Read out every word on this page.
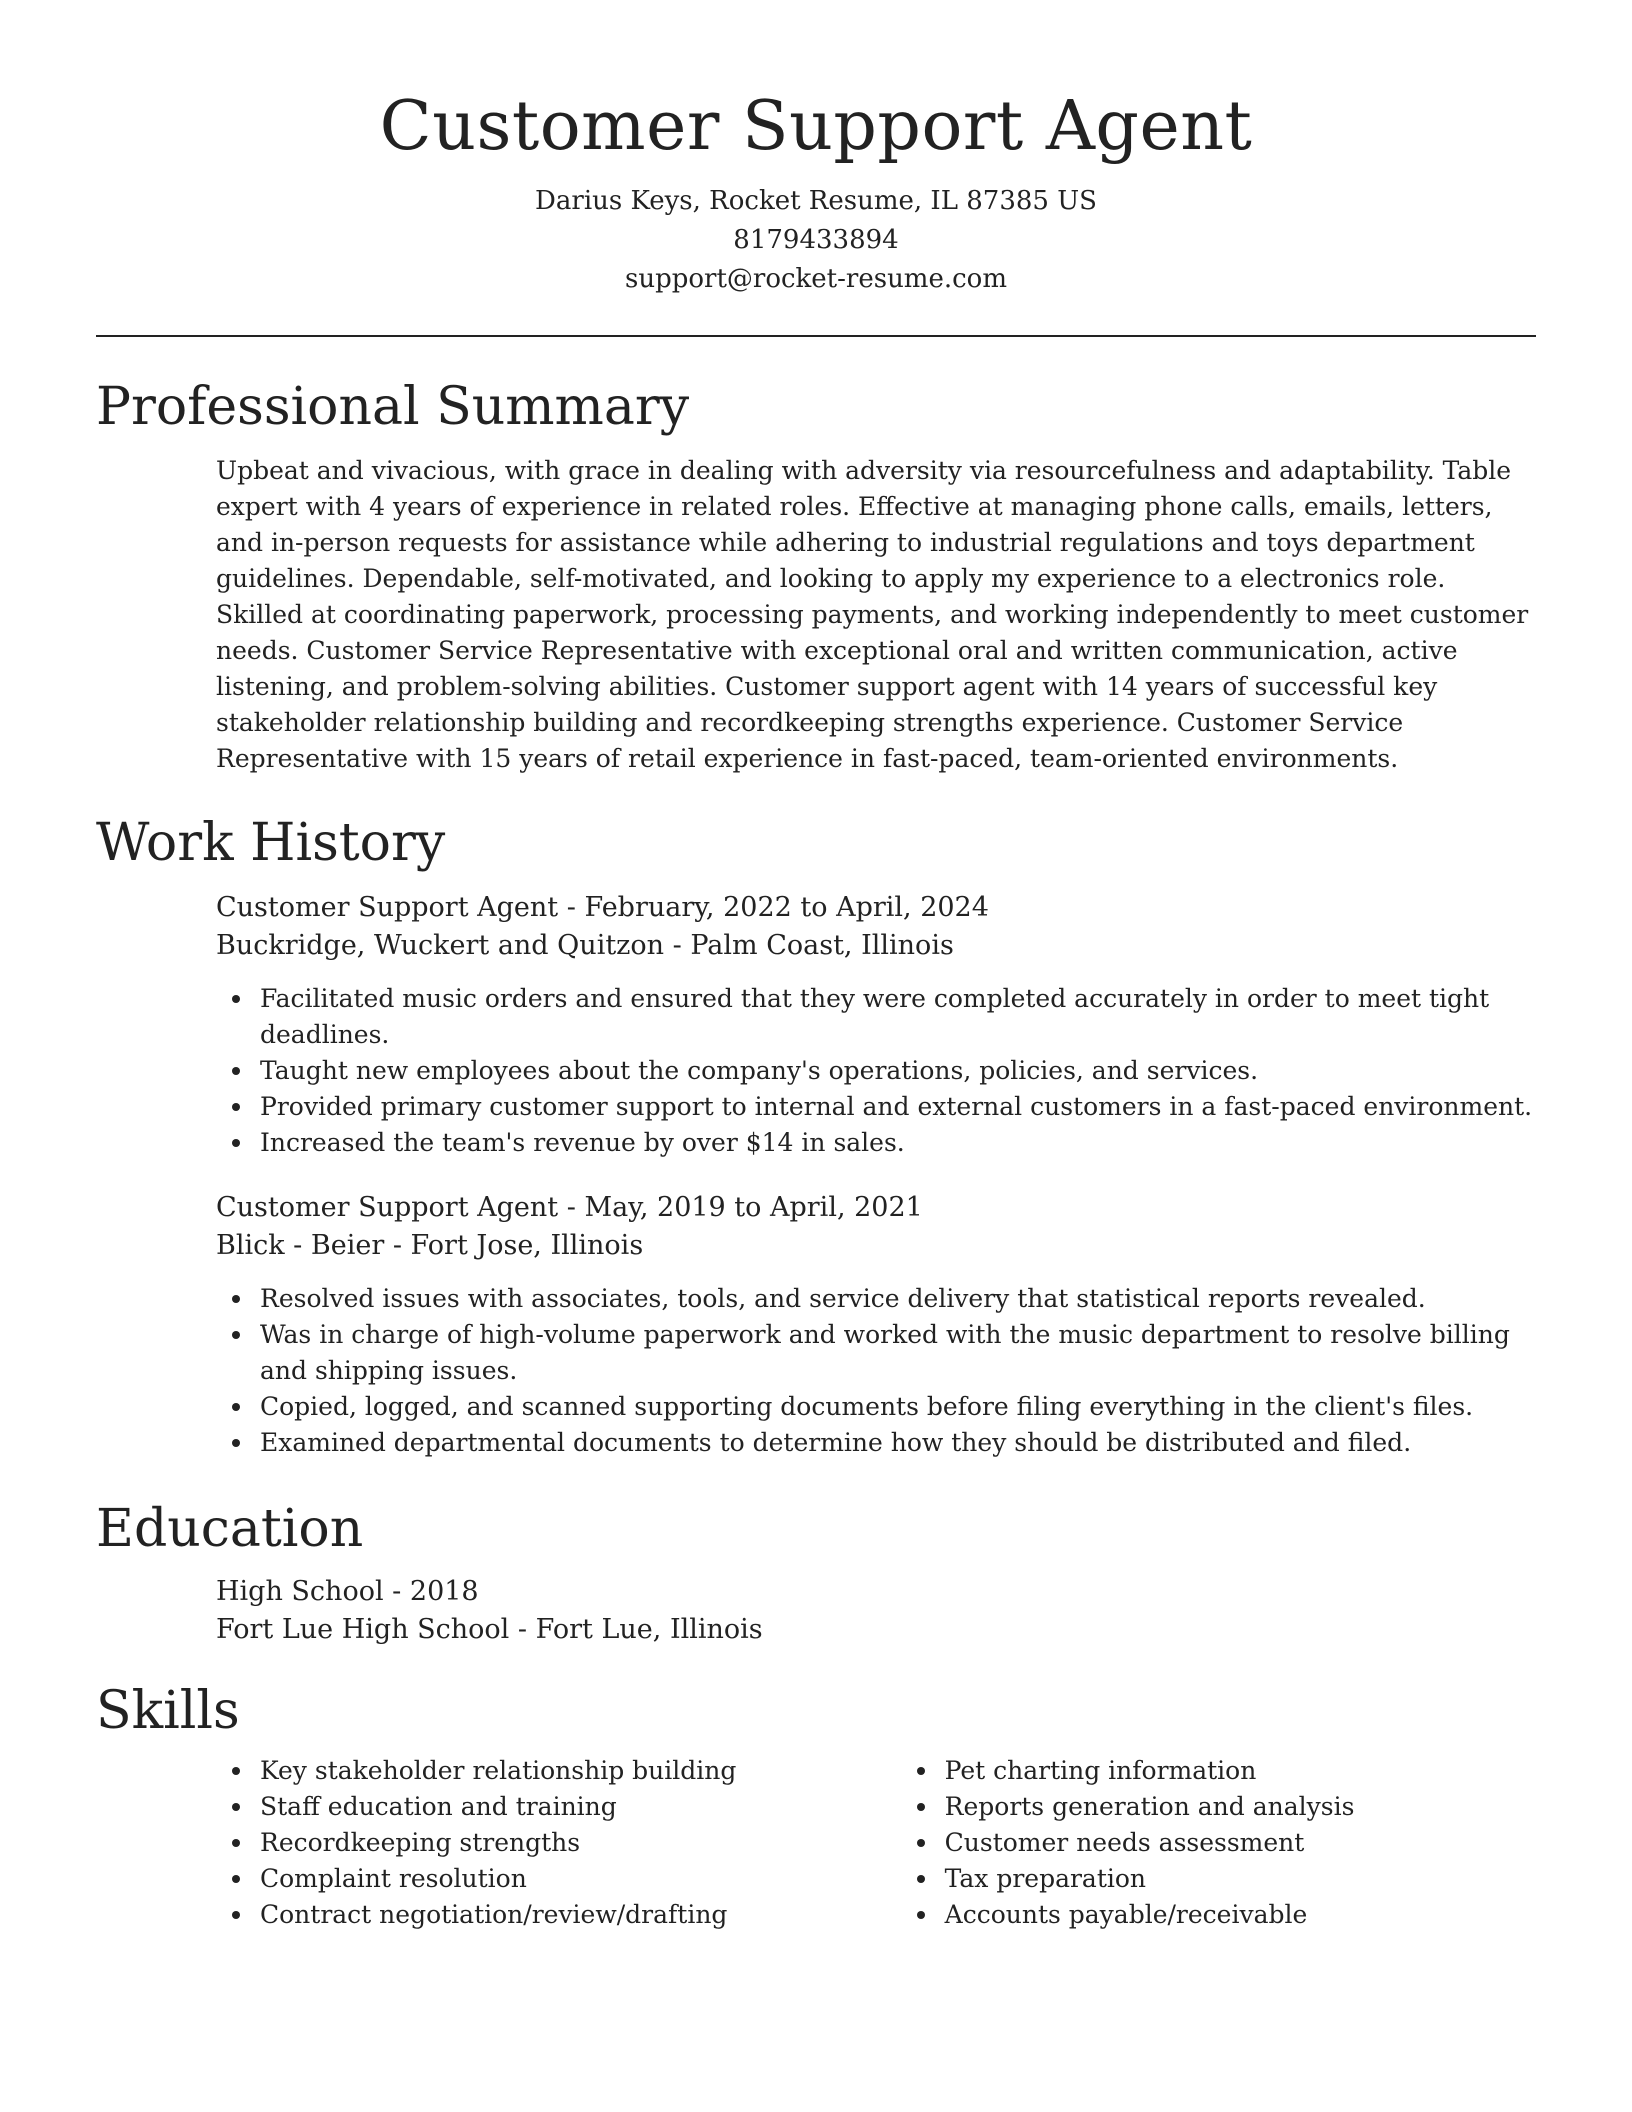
Customer Support Agent
Darius Keys, Rocket Resume, IL 87385 US
8179433894
support@rocket-resume.com
Professional Summary
Upbeat and vivacious, with grace in dealing with adversity via resourcefulness and adaptability. Table expert with 4 years of experience in related roles. Effective at managing phone calls, emails, letters, and in-person requests for assistance while adhering to industrial regulations and toys department guidelines. Dependable, self-motivated, and looking to apply my experience to a electronics role. Skilled at coordinating paperwork, processing payments, and working independently to meet customer needs. Customer Service Representative with exceptional oral and written communication, active listening, and problem-solving abilities. Customer support agent with 14 years of successful key stakeholder relationship building and recordkeeping strengths experience. Customer Service Representative with 15 years of retail experience in fast-paced, team-oriented environments.
Work History
Customer Support Agent - February, 2022 to April, 2024
Buckridge, Wuckert and Quitzon - Palm Coast, Illinois
Facilitated music orders and ensured that they were completed accurately in order to meet tight deadlines.
Taught new employees about the company's operations, policies, and services.
Provided primary customer support to internal and external customers in a fast-paced environment.
Increased the team's revenue by over $14 in sales.
Customer Support Agent - May, 2019 to April, 2021
Blick - Beier - Fort Jose, Illinois
Resolved issues with associates, tools, and service delivery that statistical reports revealed.
Was in charge of high-volume paperwork and worked with the music department to resolve billing and shipping issues.
Copied, logged, and scanned supporting documents before filing everything in the client's files.
Examined departmental documents to determine how they should be distributed and filed.
Education
High School - 2018
Fort Lue High School - Fort Lue, Illinois
Skills
Key stakeholder relationship building
Staff education and training
Recordkeeping strengths
Complaint resolution
Contract negotiation/review/drafting
Pet charting information
Reports generation and analysis
Customer needs assessment
Tax preparation
Accounts payable/receivable
